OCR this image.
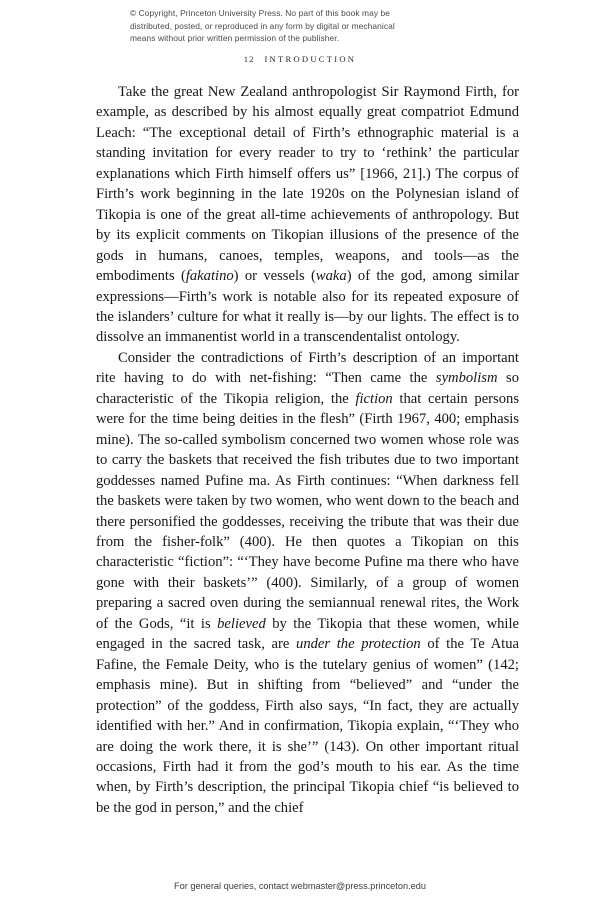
© Copyright, Princeton University Press. No part of this book may be
distributed, posted, or reproduced in any form by digital or mechanical
means without prior written permission of the publisher.
12 INTRODUCTION

Take the great New Zealand anthropologist Sir Raymond Firth, for example, as described by his almost equally great compatriot Edmund Leach: “The exceptional detail of Firth’s ethnographic material is a standing invitation for every reader to try to ‘rethink’ the particular explanations which Firth himself offers us” [1966, 21].) The corpus of Firth’s work beginning in the late 1920s on the Polynesian island of Tikopia is one of the great all-time achievements of anthropology. But by its explicit comments on Tikopian illusions of the presence of the gods in humans, canoes, temples, weapons, and tools—as the embodiments (fakatino) or vessels (waka) of the god, among similar expressions—Firth’s work is notable also for its repeated exposure of the islanders’ culture for what it really is—by our lights. The effect is to dissolve an immanentist world in a transcendentalist ontology.

Consider the contradictions of Firth’s description of an important rite having to do with net-fishing: “Then came the symbolism so characteristic of the Tikopia religion, the fiction that certain persons were for the time being deities in the flesh” (Firth 1967, 400; emphasis mine). The so-called symbolism concerned two women whose role was to carry the baskets that received the fish tributes due to two important goddesses named Pufine ma. As Firth continues: “When darkness fell the baskets were taken by two women, who went down to the beach and there personified the goddesses, receiving the tribute that was their due from the fisher-folk” (400). He then quotes a Tikopian on this characteristic “fiction”: “‘They have become Pufine ma there who have gone with their baskets’” (400). Similarly, of a group of women preparing a sacred oven during the semiannual renewal rites, the Work of the Gods, “it is believed by the Tikopia that these women, while engaged in the sacred task, are under the protection of the Te Atua Fafine, the Female Deity, who is the tutelary genius of women” (142; emphasis mine). But in shifting from “believed” and “under the protection” of the goddess, Firth also says, “In fact, they are actually identified with her.” And in confirmation, Tikopia explain, “‘They who are doing the work there, it is she’” (143). On other important ritual occasions, Firth had it from the god’s mouth to his ear. As the time when, by Firth’s description, the principal Tikopia chief “is believed to be the god in person,” and the chief

For general queries, contact webmaster@press.princeton.edu
